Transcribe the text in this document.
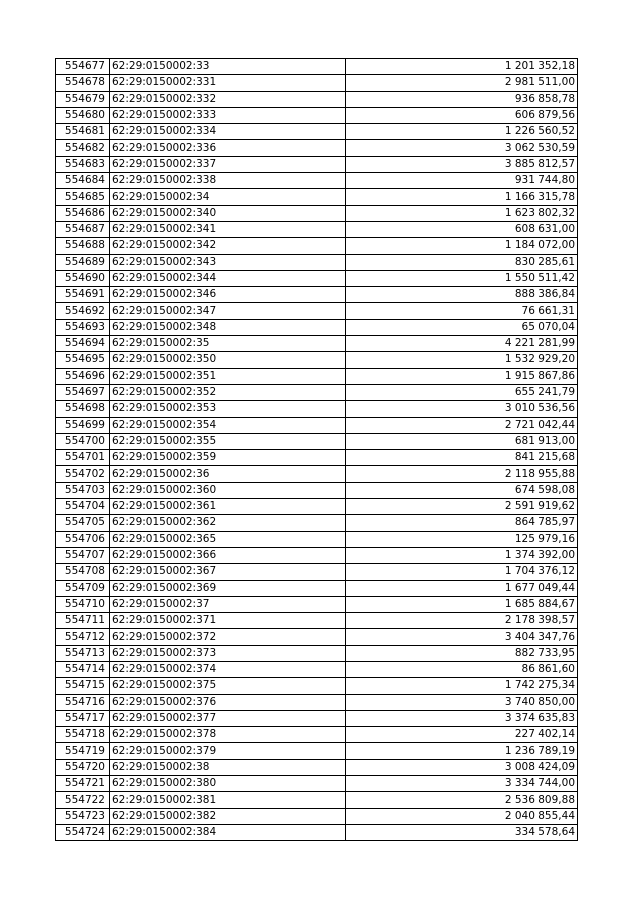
554677	62:29:0150002:33	1 201 352,18
554678	62:29:0150002:331	2 981 511,00
554679	62:29:0150002:332	936 858,78
554680	62:29:0150002:333	606 879,56
554681	62:29:0150002:334	1 226 560,52
554682	62:29:0150002:336	3 062 530,59
554683	62:29:0150002:337	3 885 812,57
554684	62:29:0150002:338	931 744,80
554685	62:29:0150002:34	1 166 315,78
554686	62:29:0150002:340	1 623 802,32
554687	62:29:0150002:341	608 631,00
554688	62:29:0150002:342	1 184 072,00
554689	62:29:0150002:343	830 285,61
554690	62:29:0150002:344	1 550 511,42
554691	62:29:0150002:346	888 386,84
554692	62:29:0150002:347	76 661,31
554693	62:29:0150002:348	65 070,04
554694	62:29:0150002:35	4 221 281,99
554695	62:29:0150002:350	1 532 929,20
554696	62:29:0150002:351	1 915 867,86
554697	62:29:0150002:352	655 241,79
554698	62:29:0150002:353	3 010 536,56
554699	62:29:0150002:354	2 721 042,44
554700	62:29:0150002:355	681 913,00
554701	62:29:0150002:359	841 215,68
554702	62:29:0150002:36	2 118 955,88
554703	62:29:0150002:360	674 598,08
554704	62:29:0150002:361	2 591 919,62
554705	62:29:0150002:362	864 785,97
554706	62:29:0150002:365	125 979,16
554707	62:29:0150002:366	1 374 392,00
554708	62:29:0150002:367	1 704 376,12
554709	62:29:0150002:369	1 677 049,44
554710	62:29:0150002:37	1 685 884,67
554711	62:29:0150002:371	2 178 398,57
554712	62:29:0150002:372	3 404 347,76
554713	62:29:0150002:373	882 733,95
554714	62:29:0150002:374	86 861,60
554715	62:29:0150002:375	1 742 275,34
554716	62:29:0150002:376	3 740 850,00
554717	62:29:0150002:377	3 374 635,83
554718	62:29:0150002:378	227 402,14
554719	62:29:0150002:379	1 236 789,19
554720	62:29:0150002:38	3 008 424,09
554721	62:29:0150002:380	3 334 744,00
554722	62:29:0150002:381	2 536 809,88
554723	62:29:0150002:382	2 040 855,44
554724	62:29:0150002:384	334 578,64
